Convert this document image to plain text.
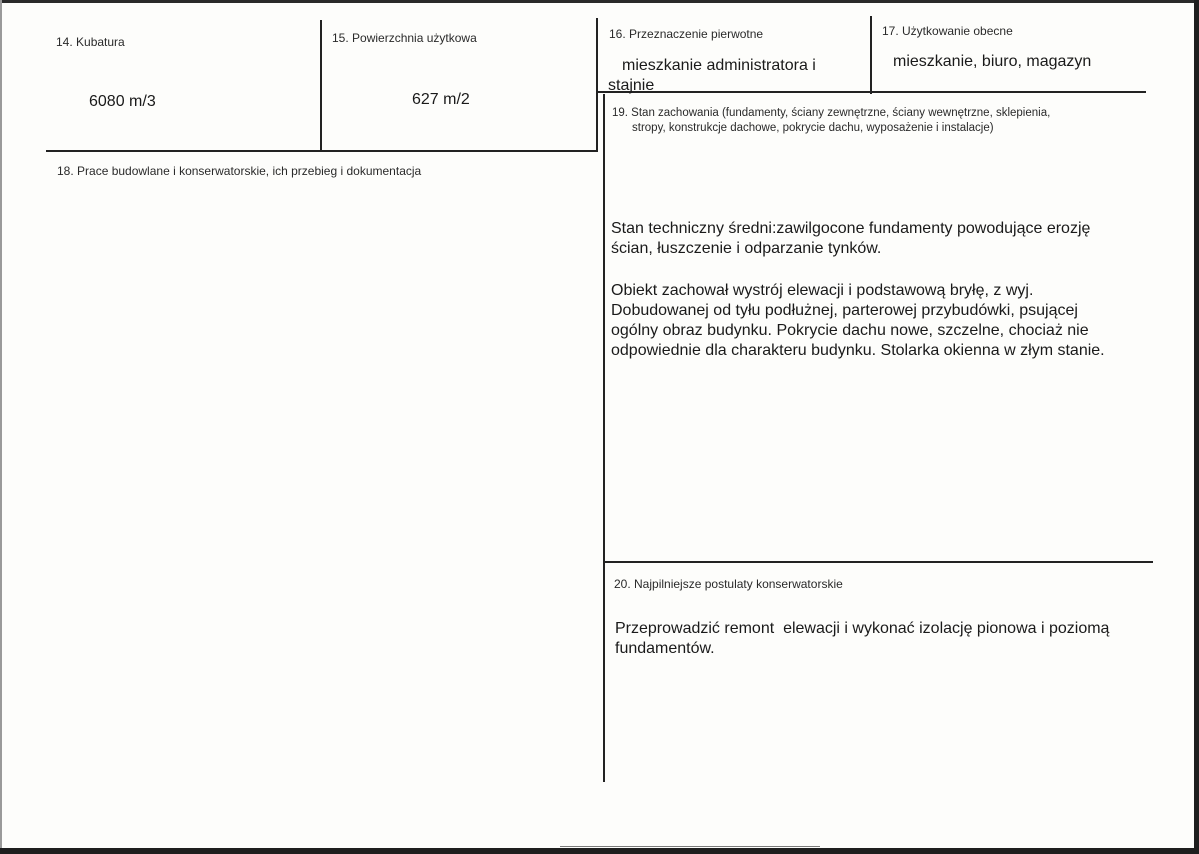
14. Kubatura
6080 m/3
15. Powierzchnia użytkowa
627 m/2
16. Przeznaczenie pierwotne
mieszkanie administratora i
stajnie
17. Użytkowanie obecne
mieszkanie, biuro, magazyn
18. Prace budowlane i konserwatorskie, ich przebieg i dokumentacja
19. Stan zachowania (fundamenty, ściany zewnętrzne, ściany wewnętrzne, sklepienia,
stropy, konstrukcje dachowe, pokrycie dachu, wyposażenie i instalacje)
Stan techniczny średni:zawilgocone fundamenty powodujące erozję
ścian, łuszczenie i odparzanie tynków.
Obiekt zachował wystrój elewacji i podstawową bryłę, z wyj.
Dobudowanej od tyłu podłużnej, parterowej przybudówki, psującej
ogólny obraz budynku. Pokrycie dachu nowe, szczelne, chociaż nie
odpowiednie dla charakteru budynku. Stolarka okienna w złym stanie.
20. Najpilniejsze postulaty konserwatorskie
Przeprowadzić remont  elewacji i wykonać izolację pionowa i poziomą
fundamentów.
